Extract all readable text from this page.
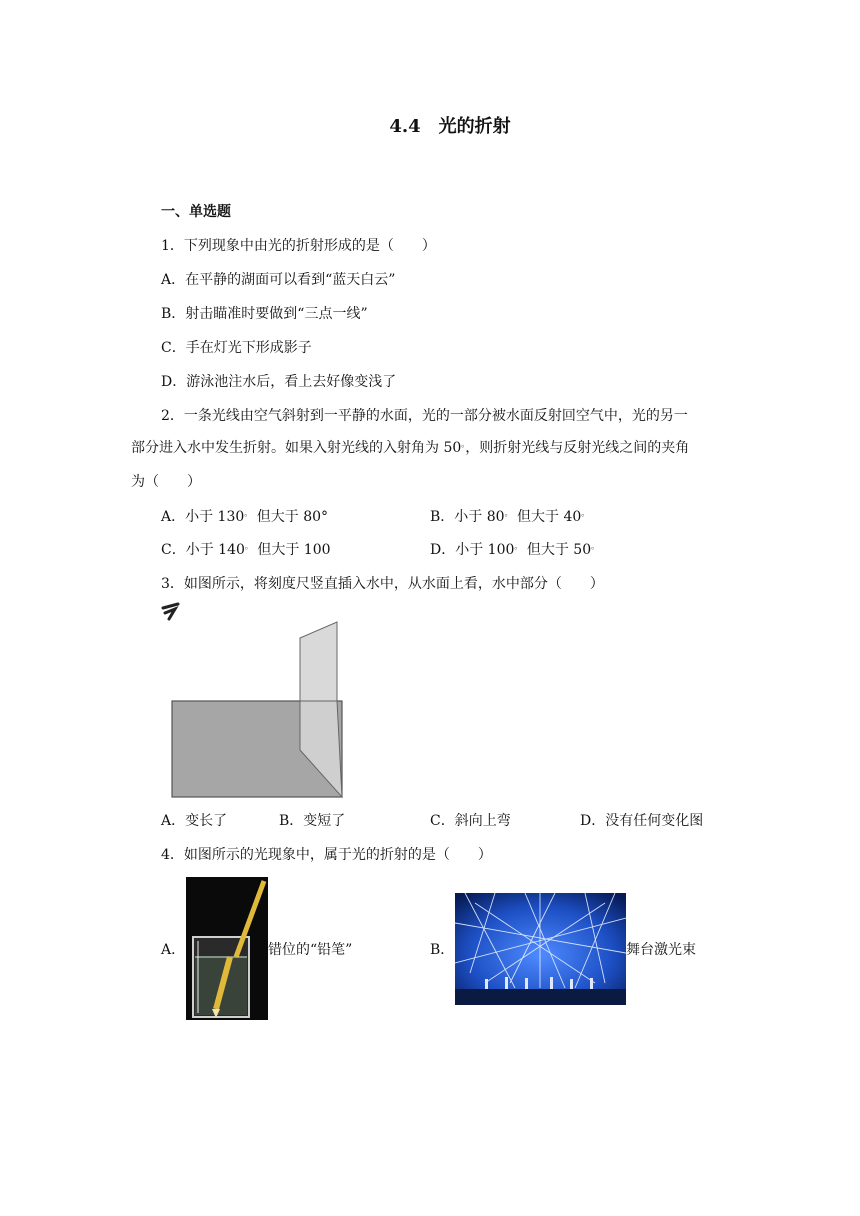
4.4　光的折射
一、单选题
1．下列现象中由光的折射形成的是（　　）
A．在平静的湖面可以看到“蓝天白云”
B．射击瞄准时要做到“三点一线”
C．手在灯光下形成影子
D．游泳池注水后，看上去好像变浅了
2．一条光线由空气斜射到一平静的水面，光的一部分被水面反射回空气中，光的另一
部分进入水中发生折射。如果入射光线的入射角为 50。，则折射光线与反射光线之间的夹角
为（　　）
A．小于 130。 但大于 80°	B．小于 80。 但大于 40。
C．小于 140。 但大于 100	D．小于 100。 但大于 50。
3．如图所示，将刻度尺竖直插入水中，从水面上看，水中部分（　　）
A．变长了	B．变短了	C．斜向上弯	D．没有任何变化图
4．如图所示的光现象中，属于光的折射的是（　　）
A．	错位的“铅笔”	B．	舞台激光束
